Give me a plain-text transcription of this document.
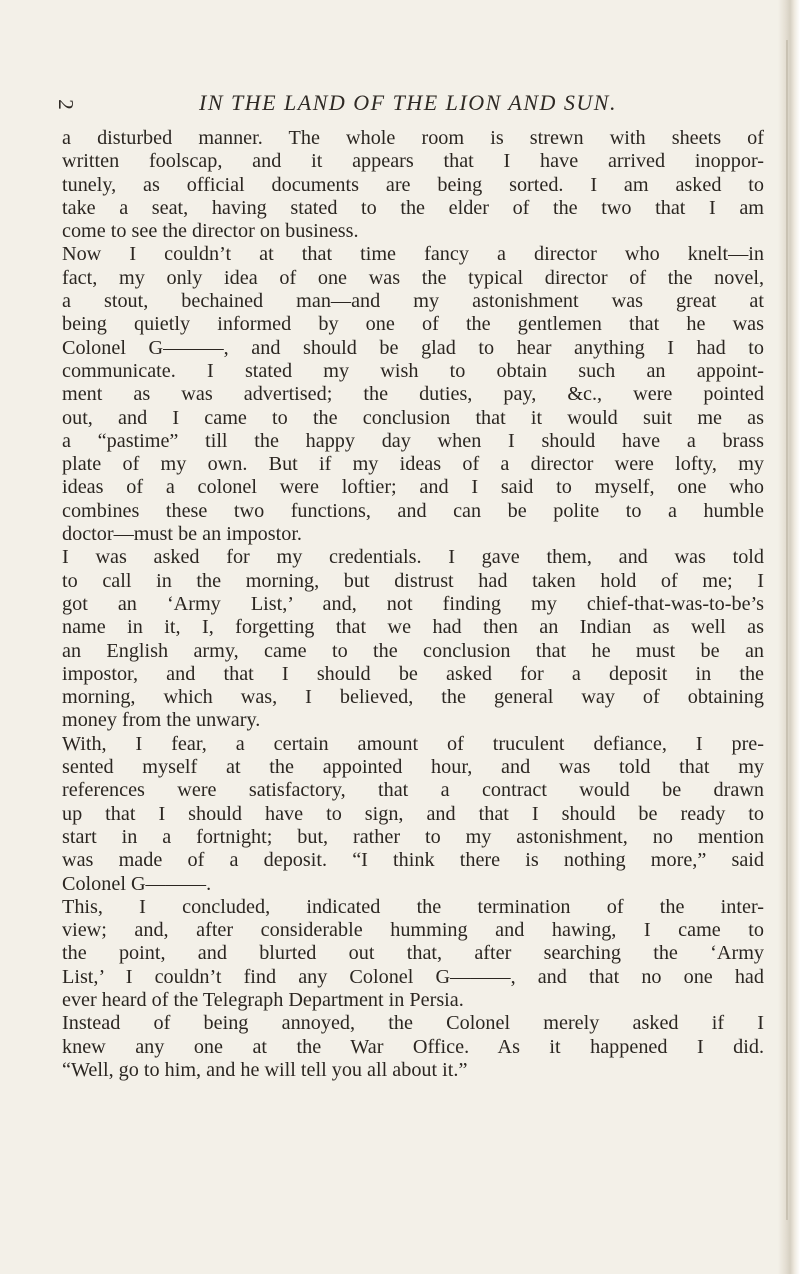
2	IN THE LAND OF THE LION AND SUN.
a disturbed manner. The whole room is strewn with sheets of
written foolscap, and it appears that I have arrived inoppor-
tunely, as official documents are being sorted. I am asked to
take a seat, having stated to the elder of the two that I am
come to see the director on business.
Now I couldn’t at that time fancy a director who knelt—in
fact, my only idea of one was the typical director of the novel,
a stout, bechained man—and my astonishment was great at
being quietly informed by one of the gentlemen that he was
Colonel G———, and should be glad to hear anything I had to
communicate. I stated my wish to obtain such an appoint-
ment as was advertised; the duties, pay, &c., were pointed
out, and I came to the conclusion that it would suit me as
a “pastime” till the happy day when I should have a brass
plate of my own. But if my ideas of a director were lofty, my
ideas of a colonel were loftier; and I said to myself, one who
combines these two functions, and can be polite to a humble
doctor—must be an impostor.
I was asked for my credentials. I gave them, and was told
to call in the morning, but distrust had taken hold of me; I
got an ‘Army List,’ and, not finding my chief-that-was-to-be’s
name in it, I, forgetting that we had then an Indian as well as
an English army, came to the conclusion that he must be an
impostor, and that I should be asked for a deposit in the
morning, which was, I believed, the general way of obtaining
money from the unwary.
With, I fear, a certain amount of truculent defiance, I pre-
sented myself at the appointed hour, and was told that my
references were satisfactory, that a contract would be drawn
up that I should have to sign, and that I should be ready to
start in a fortnight; but, rather to my astonishment, no mention
was made of a deposit. “I think there is nothing more,” said
Colonel G———.
This, I concluded, indicated the termination of the inter-
view; and, after considerable humming and hawing, I came to
the point, and blurted out that, after searching the ‘Army
List,’ I couldn’t find any Colonel G———, and that no one had
ever heard of the Telegraph Department in Persia.
Instead of being annoyed, the Colonel merely asked if I
knew any one at the War Office. As it happened I did.
“Well, go to him, and he will tell you all about it.”
